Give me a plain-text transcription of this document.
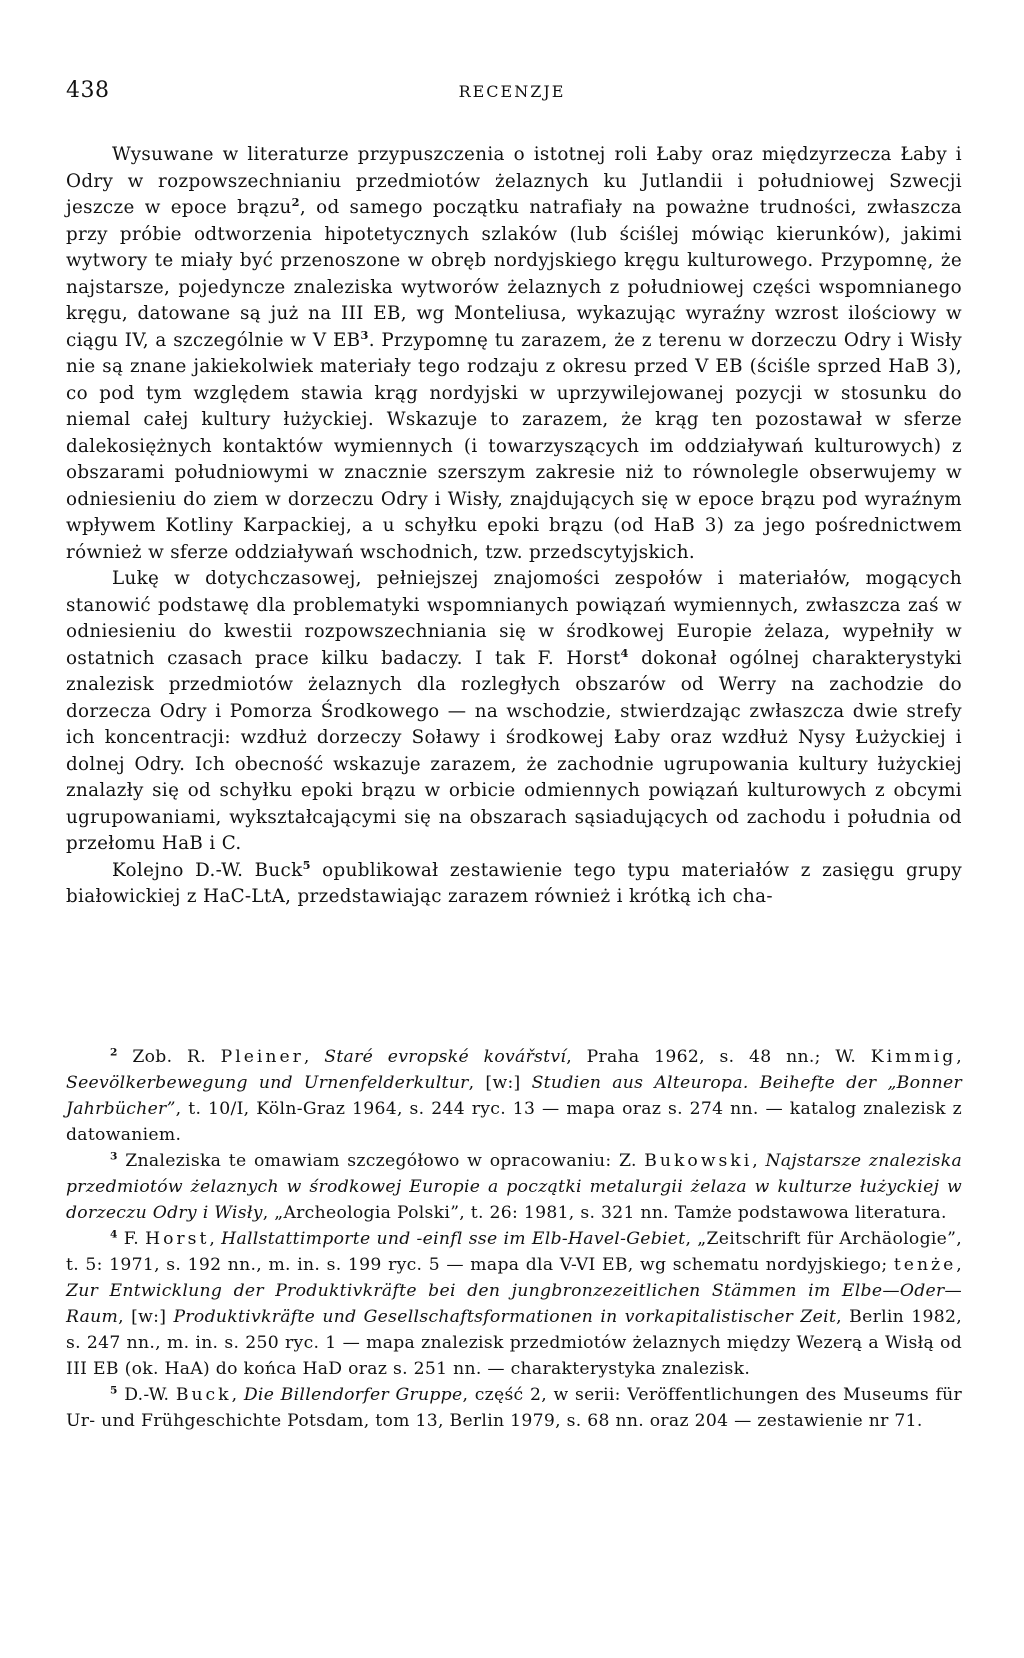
438	RECENZJE

Wysuwane w literaturze przypuszczenia o istotnej roli Łaby oraz międzyrzecza Łaby i Odry w rozpowszechnianiu przedmiotów żelaznych ku Jutlandii i południowej Szwecji jeszcze w epoce brązu$^2$, od samego początku natrafiały na poważne trudności, zwłaszcza przy próbie odtworzenia hipotetycznych szlaków (lub ściślej mówiąc kierunków), jakimi wytwory te miały być przenoszone w obręb nordyjskiego kręgu kulturowego. Przypomnę, że najstarsze, pojedyncze znaleziska wytworów żelaznych z południowej części wspomnianego kręgu, datowane są już na III EB, wg Monteliusa, wykazując wyraźny wzrost ilościowy w ciągu IV, a szczególnie w V $EB^3$. Przypomnę tu zarazem, że z terenu w dorzeczu Odry i Wisły nie są znane jakiekolwiek materiały tego rodzaju z okresu przed V EB (ściśle sprzed HaB 3), co pod tym względem stawia krąg nordyjski w uprzywilejowanej pozycji w stosunku do niemal całej kultury łużyckiej. Wskazuje to zarazem, że krąg ten pozostawał w sferze dalekosiężnych kontaktów wymiennych (i towarzyszących im oddziaływań kulturowych) z obszarami południowymi w znacznie szerszym zakresie niż to równolegle obserwujemy w odniesieniu do ziem w dorzeczu Odry i Wisły, znajdujących się w epoce brązu pod wyraźnym wpływem Kotliny Karpackiej, a u schyłku epoki brązu (od HaB 3) za jego pośrednictwem również w sferze oddziaływań wschodnich, tzw. przedscytyjskich.

Lukę w dotychczasowej, pełniejszej znajomości zespołów i materiałów, mogących stanowić podstawę dla problematyki wspomnianych powiązań wymiennych, zwłaszcza zaś w odniesieniu do kwestii rozpowszechniania się w środkowej Europie żelaza, wypełniły w ostatnich czasach prace kilku badaczy. I tak F. Horst$^4$ dokonał ogólnej charakterystyki znalezisk przedmiotów żelaznych dla rozległych obszarów od Werry na zachodzie do dorzecza Odry i Pomorza Środkowego — na wschodzie, stwierdzając zwłaszcza dwie strefy ich koncentracji: wzdłuż dorzeczy Soławy i środkowej Łaby oraz wzdłuż Nysy Łużyckiej i dolnej Odry. Ich obecność wskazuje zarazem, że zachodnie ugrupowania kultury łużyckiej znalazły się od schyłku epoki brązu w orbicie odmiennych powiązań kulturowych z obcymi ugrupowaniami, wykształcającymi się na obszarach sąsiadujących od zachodu i południa od przełomu HaB i C.

Kolejno D.-W. Buck$^5$ opublikował zestawienie tego typu materiałów z zasięgu grupy białowickiej z HaC-LtA, przedstawiając zarazem również i krótką ich cha-

$^2$ Zob. R. Pleiner, Staré evropské kovářství, Praha 1962, s. 48 nn.; W. Kimmig, Seevölkerbewegung und Urnenfelderkultur, [w:] Studien aus Alteuropa. Beihefte der „Bonner Jahrbücher”, t. 10/I, Köln-Graz 1964, s. 244 ryc. 13 — mapa oraz s. 274 nn. — katalog znalezisk z datowaniem.

$^3$ Znaleziska te omawiam szczegółowo w opracowaniu: Z. Bukowski, Najstarsze znaleziska przedmiotów żelaznych w środkowej Europie a początki metalurgii żelaza w kulturze łużyckiej w dorzeczu Odry i Wisły, „Archeologia Polski”, t. 26: 1981, s. 321 nn. Tamże podstawowa literatura.

$^4$ F. Horst, Hallstattimporte und -einfl sse im Elb-Havel-Gebiet, „Zeitschrift für Archäologie”, t. 5: 1971, s. 192 nn., m. in. s. 199 ryc. 5 — mapa dla V-VI EB, wg schematu nordyjskiego; tenże, Zur Entwicklung der Produktivkräfte bei den jungbronzezeitlichen Stämmen im Elbe—Oder—Raum, [w:] Produktivkräfte und Gesellschaftsformationen in vorkapitalistischer Zeit, Berlin 1982, s. 247 nn., m. in. s. 250 ryc. 1 — mapa znalezisk przedmiotów żelaznych między Wezerą a Wisłą od III EB (ok. HaA) do końca HaD oraz s. 251 nn. — charakterystyka znalezisk.

$^5$ D.-W. Buck, Die Billendorfer Gruppe, część 2, w serii: Veröffentlichungen des Museums für Ur- und Frühgeschichte Potsdam, tom 13, Berlin 1979, s. 68 nn. oraz 204 — zestawienie nr 71.
